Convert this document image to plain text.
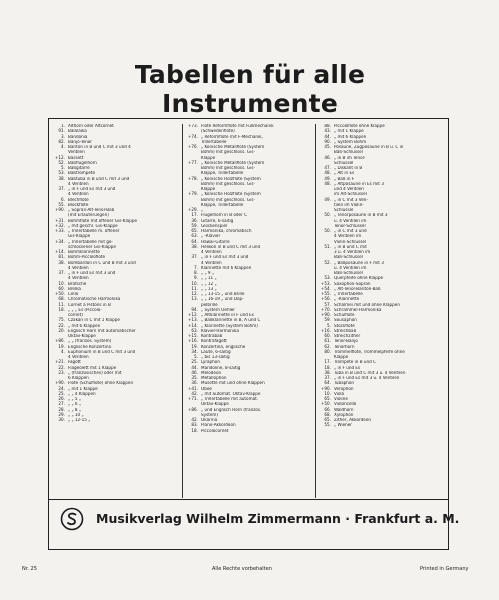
Tabellen für alle Instrumente
1. Althorn oder Altcornet
91. Balalaika
3. Bandonia
82. Banjo-Tenor
4. Bariton in B und C mit 3 und 4
Ventilen
+12. Bassett
52. Baßflügelhorn
5. Baßgitarre
53. Baßtrompete
38. Baßtuba in B und C mit 3 und
4 Ventilen
37. „ in F und Es mit 3 und
4 Ventilen
6. Blechflöte
55. Blockflöte
+90. „ Sopran-Alt-Tenor-Baß
(mit Erläuterungen)
+31. Böhmflöte mit offener Gis-Klappe
+32. „ mit geschl. Gis-Klappe
+33. „ Trillertabelle m. offener
Gis-Klappe
+34. „ Trillertabelle mit ge-
schlossener Gis-Klappe
+14. Böhmklarinette
81. Böhm-Piccoloflöte
38. Bombardon in C und B mit 3 und
4 Ventilen
37. „ in F und Es mit 3 und
4 Ventilen
10. Bratsche
60. Brelka
+50. Cello
68. Chromatische Harmonika
11. Cornet à Pistons in B
18. „ „ „ Es (Piccolo-
cornet)
75. Czakan in C mit 1 Klappe
22. „ mit 6 Klappen
20. Englisch Horn mit automatischer
Oktav-Klappe
+86. „ „ (französ. System)
19. Englische Konzertina
4. Euphonium in B und C mit 3 und
4 Ventilen
+21. Fagott
22. Flageolett mit 1 Klappe
23. „ (französisches) oder mit
6 Klappen
+90. Flöte (Schulflöte) ohne Klappen
24. „ mit 1 Klappe
25. „ „ 4 Klappen
26. „ „ 5 „
27. „ „ 6 „
28. „ „ 8 „
29. „ „ 10 „
30. „ „ 12-15 „
+73. Flöte Reformflöte mit Fußmechanik
(Schwedenflöte)
+74. „ Reformflöte mit F-Mechanik,
Trillertabelle
+76. „ Konische Metallflöte (System
Böhm) mit geschloss. Gis-
Klappe
+77. „ Konische Metallflöte (System
Böhm) mit geschloss. Gis-
Klappe, Trillertabelle
+78. „ Konische Holzflöte (System
Böhm) mit geschloss. Gis-
Klappe
+79. „ Konische Holzflöte (System
Böhm) mit geschloss. Gis-
Klappe, Trillertabelle
+29. „
17. Flügelhorn in B oder C
36. Gitarre, 6-saitig
59. Glockenspiel
65. Harmonika, chromatisch
63. „ -Klavier
64. Hawai-Gitarre
38. Helikon in B und C mit 3 und
4 Ventilen
37. „ in F und Es mit 3 und
4 Ventilen
7. Klarinette mit 6 Klappen
8. „ „ 9 „
9. „ „ 11 „
10. „ „ 12 „
11. „ „ 13 „
12. „ „ 13-15 „ und Brille
13. „ „ 16-19 „ und Dop-
pelbrille
94. „ System Oehler
+12. „ Altklarinette in F und Es
+13. „ Baßklarinette in B, A und C
+14. „ Klarinette (System Böhm)
63. Klavier-Harmonika
+15. Kontrabaß
+16. Kontrafagott
19. Konzertina, englische
34. Laute, 6-saitig
5. „ bis 13-saitig
25. Lyraphon
44. Mandoline, 8-saitig
46. Melodeon
35. Metallophon
36. Musette mit und ohne Klappen
+41. Oboe
42. „ mit automat. Oktav-Klappe
+71. „ Trillertabelle mit automat.
Oktav-Klappe
+86. „ und Englisch Horn (französ.
System)
42. Okarina
83. Piano-Akkordeon
18. Piccolocornet
88. Piccoloflöte ohne Klappe
43. „ mit 1 Klappe
44. „ mit 6 Klappen
90. „ System Böhm
45. Posaune, Zugposaune in B u. C in
Baß-Schlüssel
46. „ in B im Tenor-
Schlüssel
47. „ Diskant in B
48. „ Alt in Es
49. „ Baß in F
48. „ Altposaune in Es mit 3
und 4 Ventilen
im Alt-Schlüssel
49. „ in C mit 3 Ven-
tilen im Violin-
Schlüssel
50. „ Tenorposaune in B mit 3
u. 4 Ventilen im
Tenor-Schlüssel
50. „ in C mit 3 und
4 Ventilen im
Violin-Schlüssel
51. „ in B und C mit
3 u. 4 Ventilen im
Baß-Schlüssel
52. „ Baßposaune in F mit 3
u. 4 Ventilen im
Baß-Schlüssel
53. Querpfeife ohne Klappe
+53. Saxophon-Sopran
+54. „ Alt-Tenor-Bariton-Baß
+55. „ Trillertabelle
+56. „ -Klarinette
57. Schalmei mit und ohne Klappen
+70. Schrammel-Harmonika
+90. Schulflöte
59. Sousaphon
5. Stockflöte
+16. Streichbaß
60. Streichzither
61. Tenor-Banjo
62. Tenorhorn
80. Trommelflöte, Trommelpfeife ohne
Klappe
17. Trompete in B und C
18. „ in F und Es
38. Tuba in B und C mit 3 u. 4 Ventilen
37. „ in F und Es mit 3 u. 4 Ventilen
64. Tubaphon
+90. Verophon
10. Viola
65. Violine
+50. Violoncello
66. Waldhorn
68. Xylophon
65. Zither, Akkordeon
55. „ Wiener
Musikverlag Wilhelm Zimmermann · Frankfurt a. M.
Nr. 25	Alle Rechte vorbehalten	Printed in Germany
